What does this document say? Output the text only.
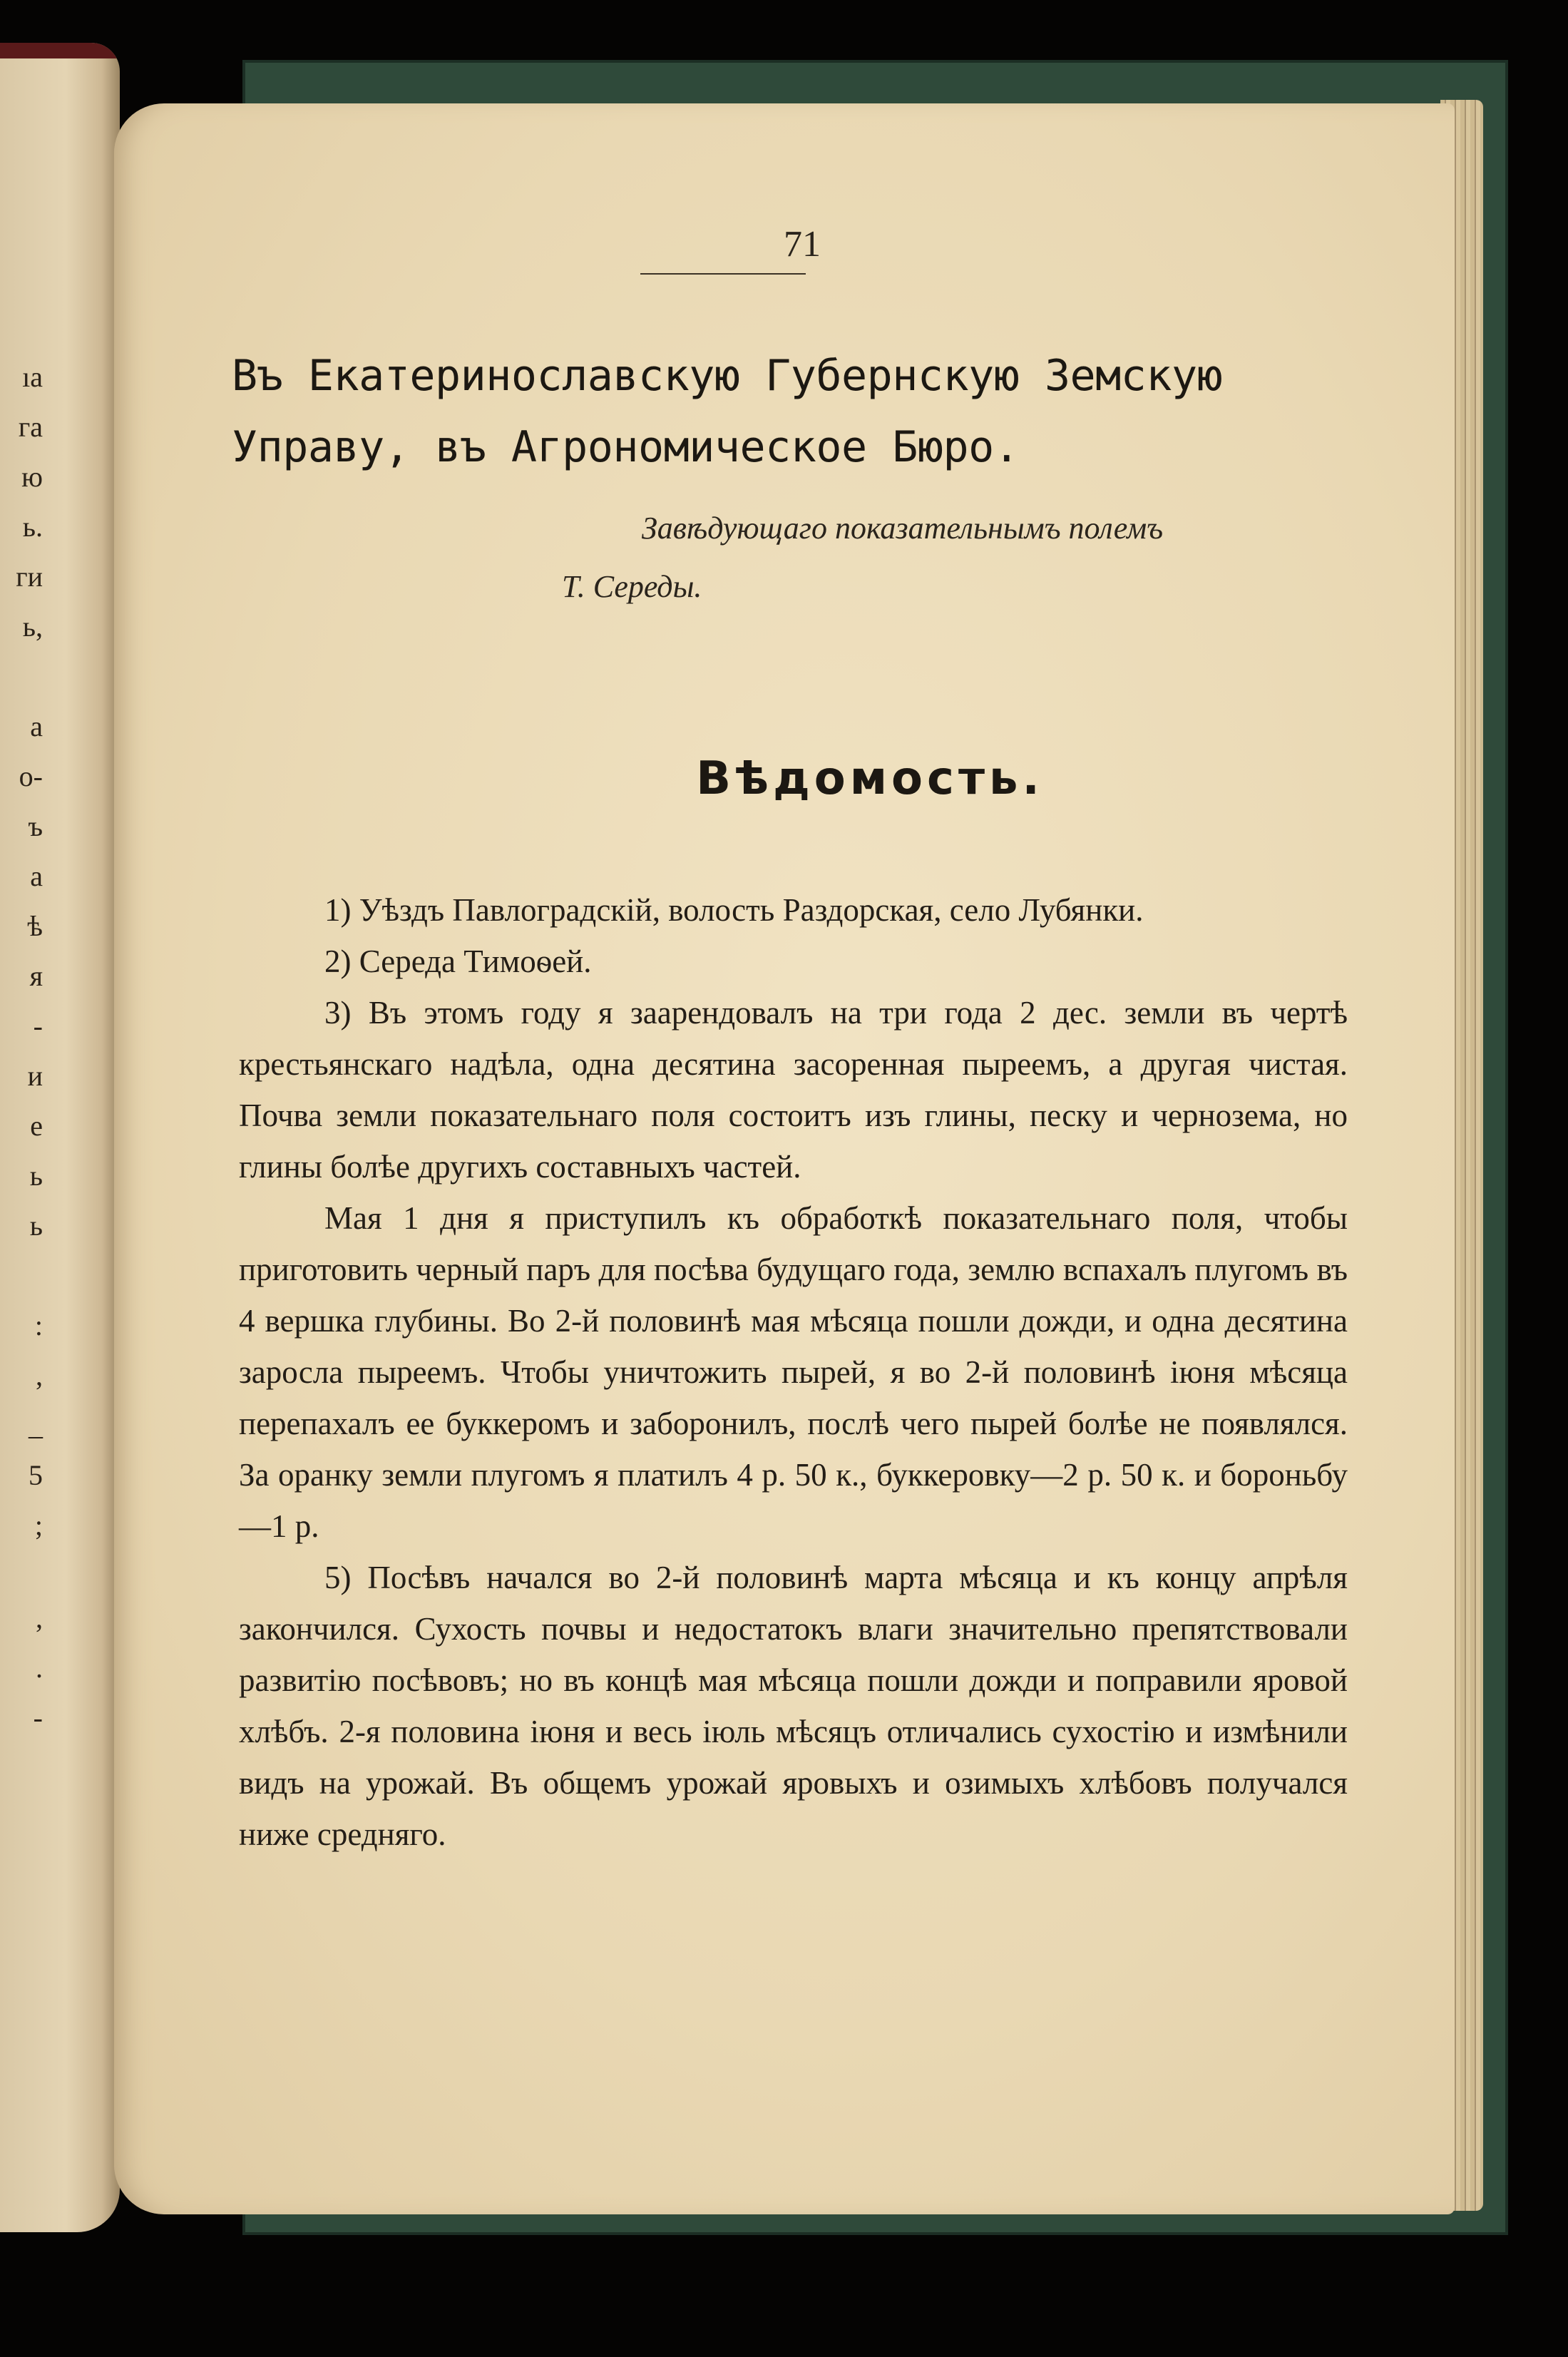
ıa
га
ю
ь.
ги
ь,
a
о-
ъ
a
ѣ
я
-
и
e
ь
ь
:
,
_
5
;
,
.
-
71
Въ Екатеринославскую Губернскую Земскую
Управу, въ Агрономическое Бюро.
Завѣдующаго показательнымъ полемъ
Т. Середы.
Вѣдомость.

1) Уѣздъ Павлоградскій, волость Раздорская, село Лубянки.

2) Середа Тимоѳей.

3) Въ этомъ году я заарендовалъ на три года 2 дес. земли въ чертѣ крестьянскаго надѣла, одна десятина засоренная пыреемъ, а другая чистая. Почва земли показательнаго поля состоитъ изъ глины, песку и чернозема, но глины болѣе другихъ составныхъ частей.

Мая 1 дня я приступилъ къ обработкѣ показательнаго поля, чтобы приготовить черный паръ для посѣва будущаго года, землю вспахалъ плугомъ въ 4 вершка глубины. Во 2-й половинѣ мая мѣсяца пошли дожди, и одна десятина заросла пыреемъ. Чтобы уничтожить пырей, я во 2-й половинѣ іюня мѣсяца перепахалъ ее буккеромъ и заборонилъ, послѣ чего пырей болѣе не появлялся. За оранку земли плугомъ я платилъ 4 р. 50 к., буккеровку—2 р. 50 к. и бороньбу—1 р.

5) Посѣвъ начался во 2-й половинѣ марта мѣсяца и къ концу апрѣля закончился. Сухость почвы и недостатокъ влаги значительно препятствовали развитію посѣвовъ; но въ концѣ мая мѣсяца пошли дожди и поправили яровой хлѣбъ. 2-я половина іюня и весь іюль мѣсяцъ отличались сухостію и измѣнили видъ на урожай. Въ общемъ урожай яровыхъ и озимыхъ хлѣбовъ получался ниже средняго.
